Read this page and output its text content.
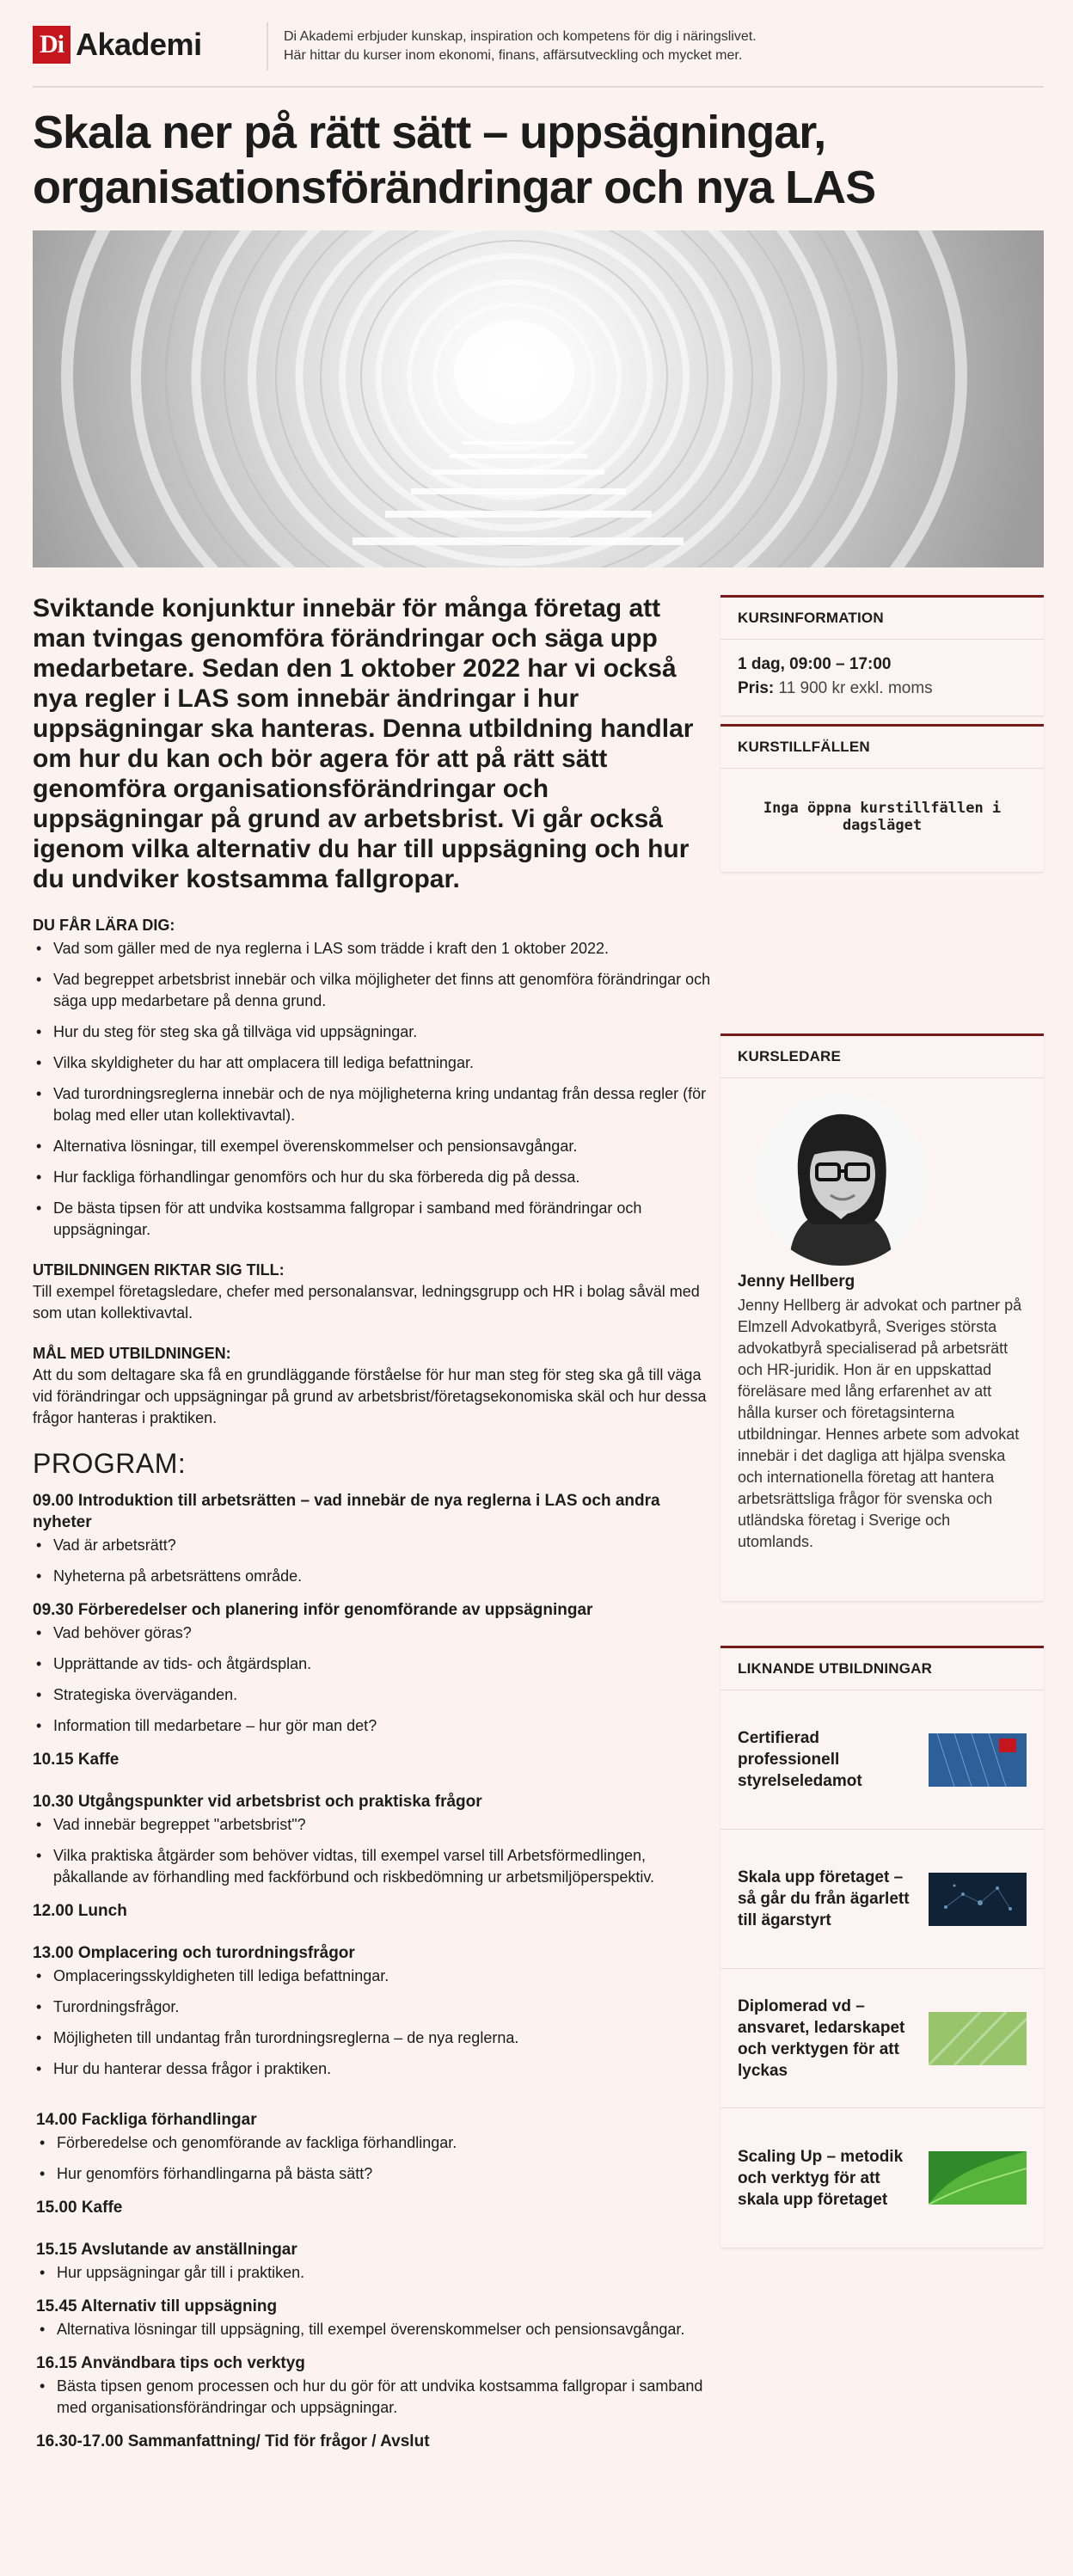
Di Akademi	Di Akademi erbjuder kunskap, inspiration och kompetens för dig i näringslivet.
Här hittar du kurser inom ekonomi, finans, affärsutveckling och mycket mer.
Skala ner på rätt sätt – uppsägningar,
organisationsförändringar och nya LAS
Sviktande konjunktur innebär för många företag att man tvingas genomföra förändringar och säga upp medarbetare. Sedan den 1 oktober 2022 har vi också nya regler i LAS som innebär ändringar i hur uppsägningar ska hanteras. Denna utbildning handlar om hur du kan och bör agera för att på rätt sätt genomföra organisationsförändringar och uppsägningar på grund av arbetsbrist. Vi går också igenom vilka alternativ du har till uppsägning och hur du undviker kostsamma fallgropar.
DU FÅR LÄRA DIG:
• Vad som gäller med de nya reglerna i LAS som trädde i kraft den 1 oktober 2022.
• Vad begreppet arbetsbrist innebär och vilka möjligheter det finns att genomföra förändringar och säga upp medarbetare på denna grund.
• Hur du steg för steg ska gå tillväga vid uppsägningar.
• Vilka skyldigheter du har att omplacera till lediga befattningar.
• Vad turordningsreglerna innebär och de nya möjligheterna kring undantag från dessa regler (för bolag med eller utan kollektivavtal).
• Alternativa lösningar, till exempel överenskommelser och pensionsavgångar.
• Hur fackliga förhandlingar genomförs och hur du ska förbereda dig på dessa.
• De bästa tipsen för att undvika kostsamma fallgropar i samband med förändringar och uppsägningar.
UTBILDNINGEN RIKTAR SIG TILL:

Till exempel företagsledare, chefer med personalansvar, ledningsgrupp och HR i bolag såväl med som utan kollektivavtal.

MÅL MED UTBILDNINGEN:

Att du som deltagare ska få en grundläggande förståelse för hur man steg för steg ska gå till väga vid förändringar och uppsägningar på grund av arbetsbrist/företagsekonomiska skäl och hur dessa frågor hanteras i praktiken.

PROGRAM:
09.00 Introduktion till arbetsrätten – vad innebär de nya reglerna i LAS och andra nyheter
• Vad är arbetsrätt?
• Nyheterna på arbetsrättens område.
09.30 Förberedelser och planering inför genomförande av uppsägningar
• Vad behöver göras?
• Upprättande av tids- och åtgärdsplan.
• Strategiska överväganden.
• Information till medarbetare – hur gör man det?
10.15 Kaffe
10.30 Utgångspunkter vid arbetsbrist och praktiska frågor
• Vad innebär begreppet "arbetsbrist"?
• Vilka praktiska åtgärder som behöver vidtas, till exempel varsel till Arbetsförmedlingen, påkallande av förhandling med fackförbund och riskbedömning ur arbetsmiljöperspektiv.
12.00 Lunch
13.00 Omplacering och turordningsfrågor
• Omplaceringsskyldigheten till lediga befattningar.
• Turordningsfrågor.
• Möjligheten till undantag från turordningsreglerna – de nya reglerna.
• Hur du hanterar dessa frågor i praktiken.
14.00 Fackliga förhandlingar
• Förberedelse och genomförande av fackliga förhandlingar.
• Hur genomförs förhandlingarna på bästa sätt?
15.00 Kaffe
15.15 Avslutande av anställningar
• Hur uppsägningar går till i praktiken.
15.45 Alternativ till uppsägning
• Alternativa lösningar till uppsägning, till exempel överenskommelser och pensionsavgångar.
16.15 Användbara tips och verktyg
• Bästa tipsen genom processen och hur du gör för att undvika kostsamma fallgropar i samband med organisationsförändringar och uppsägningar.
16.30-17.00 Sammanfattning/ Tid för frågor / Avslut
KURSINFORMATION
1 dag, 09:00 – 17:00
Pris: 11 900 kr exkl. moms
KURSTILLFÄLLEN
Inga öppna kurstillfällen i dagsläget
KURSLEDARE
Jenny Hellberg
Jenny Hellberg är advokat och partner på Elmzell Advokatbyrå, Sveriges största advokatbyrå specialiserad på arbetsrätt och HR-juridik. Hon är en uppskattad föreläsare med lång erfarenhet av att hålla kurser och företagsinterna utbildningar. Hennes arbete som advokat innebär i det dagliga att hjälpa svenska och internationella företag att hantera arbetsrättsliga frågor för svenska och utländska företag i Sverige och utomlands.
LIKNANDE UTBILDNINGAR
Certifierad professionell styrelseledamot
Skala upp företaget – så går du från ägarlett till ägarstyrt
Diplomerad vd – ansvaret, ledarskapet och verktygen för att lyckas
Scaling Up – metodik och verktyg för att skala upp företaget
